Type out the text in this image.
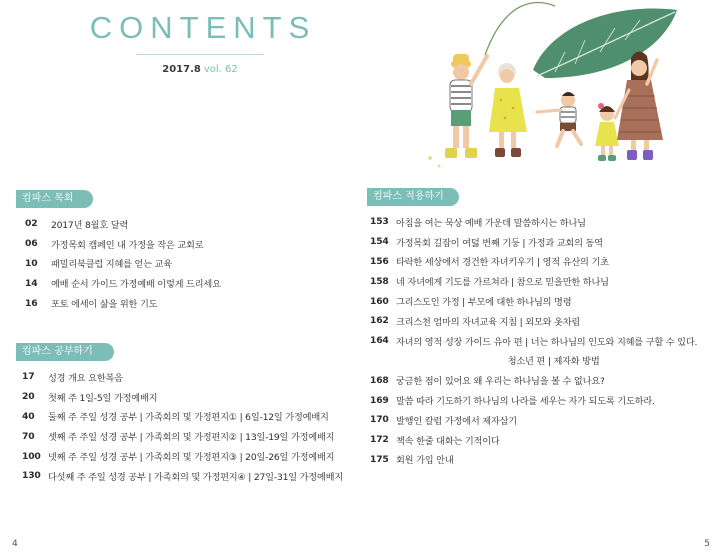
CONTENTS
2017.8 vol. 62
컴파스 목회
02	2017년 8월호 달력
06	가정목회 캠페인 내 가정을 작은 교회로
10	패밀리북클럽 지혜를 얻는 교육
14	예배 순서 가이드 가정예배 이렇게 드리세요
16	포토 에세이 삶을 위한 기도
컴파스 공부하기
17	성경 개요 요한복음
20	첫째 주 1일-5일 가정예배지
40	둘째 주 주일 성경 공부 | 가족회의 및 가정편지① | 6일-12일 가정예배지
70	셋째 주 주일 성경 공부 | 가족회의 및 가정편지② | 13일-19일 가정예배지
100 넷째 주 주일 성경 공부 | 가족회의 및 가정편지③ | 20일-26일 가정예배지
130 다섯째 주 주일 성경 공부 | 가족회의 및 가정편지④ | 27일-31일 가정예배지
컴파스 적용하기
153 아침을 여는 묵상 예배 가운데 말씀하시는 하나님
154 가정목회 길잡이 여덟 번째 기둥 | 가정과 교회의 동역
156 타락한 세상에서 경건한 자녀키우기 | 영적 유산의 기초
158 네 자녀에게 기도를 가르쳐라 | 참으로 믿을만한 하나님
160 그리스도인 가정 | 부모에 대한 하나님의 명령
162 크리스천 엄마의 자녀교육 지침 | 외모와 옷차림
164 자녀의 영적 성장 가이드 유아 편 | 너는 하나님의 인도와 지혜를 구할 수 있다.
청소년 편 | 제자화 방법
168 궁금한 점이 있어요 왜 우리는 하나님을 볼 수 없나요?
169 말씀 따라 기도하기 하나님의 나라를 세우는 자가 되도록 기도하라.
170 발행인 칼럼 가정에서 제자삼기
172 책속 한줄 대화는 기적이다
175 회원 가입 안내
4	5
